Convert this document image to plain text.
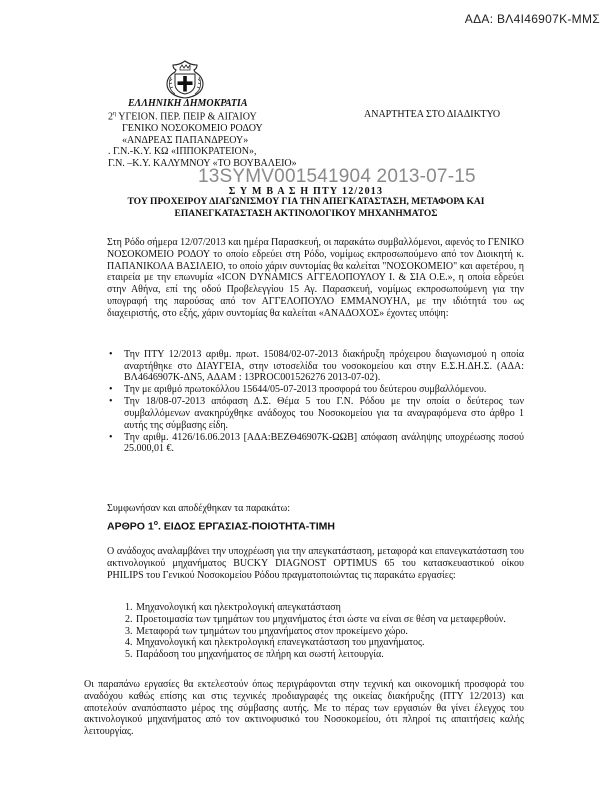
ΑΔΑ: ΒΛ4Ι46907Κ-ΜΜΣ
ΕΛΛΗΝΙΚΗ ΔΗΜΟΚΡΑΤΙΑ
$2^\eta$ ΥΓΕΙΟΝ. ΠΕΡ. ΠΕΙΡ & ΑΙΓΑΙΟΥ
ΓΕΝΙΚΟ ΝΟΣΟΚΟΜΕΙΟ ΡΟΔΟΥ
«ΑΝΔΡΕΑΣ ΠΑΠΑΝΔΡΕΟΥ»
. Γ.Ν.-Κ.Υ. ΚΩ «ΙΠΠΟΚΡΑΤΕΙΟΝ»,
Γ.Ν. –Κ.Υ. ΚΑΛΥΜΝΟΥ «ΤΟ ΒΟΥΒΑΛΕΙΟ»
ΑΝΑΡΤΗΤΕΑ ΣΤΟ ΔΙΑΔΙΚΤΥΟ
13SYMV001541904 2013-07-15
Σ Υ Μ Β Α Σ Η ΠΤΥ 12/2013
ΤΟΥ ΠΡΟΧΕΙΡΟΥ ΔΙΑΓΩΝΙΣΜΟΥ ΓΙΑ ΤΗΝ ΑΠΕΓΚΑΤΑΣΤΑΣΗ, ΜΕΤΑΦΟΡΑ ΚΑΙ
ΕΠΑΝΕΓΚΑΤΑΣΤΑΣΗ ΑΚΤΙΝΟΛΟΓΙΚΟΥ ΜΗΧΑΝΗΜΑΤΟΣ
Στη Ρόδο σήμερα 12/07/2013 και ημέρα Παρασκευή, οι παρακάτω συμβαλλόμενοι, αφενός το ΓΕΝΙΚΟ ΝΟΣΟΚΟΜΕΙΟ ΡΟΔΟΥ το οποίο εδρεύει στη Ρόδο, νομίμως εκπροσωπούμενο από τον Διοικητή κ. ΠΑΠΑΝΙΚΟΛΑ ΒΑΣΙΛΕΙΟ, το οποίο χάριν συντομίας θα καλείται "ΝΟΣΟΚΟΜΕΙΟ" και αφετέρου, η εταιρεία με την επωνυμία «ICON DYNAMICS ΑΓΓΕΛΟΠΟΥΛΟΥ Ι. & ΣΙΑ Ο.Ε.», η οποία εδρεύει στην Αθήνα, επί της οδού Προβελεγγίου 15 Αγ. Παρασκευή, νομίμως εκπροσωπούμενη για την υπογραφή της παρούσας από τον ΑΓΓΕΛΟΠΟΥΛΟ ΕΜΜΑΝΟΥΗΛ, με την ιδιότητά του ως διαχειριστής, στο εξής, χάριν συντομίας θα καλείται «ΑΝΑΔΟΧΟΣ» έχοντες υπόψη:
• Την ΠΤΥ 12/2013 αριθμ. πρωτ. 15084/02-07-2013 διακήρυξη πρόχειρου διαγωνισμού η οποία αναρτήθηκε στο ΔΙΑΥΓΕΙΑ, στην ιστοσελίδα του νοσοκομείου και στην Ε.Σ.Η.ΔΗ.Σ. (ΑΔΑ: ΒΛ4646907Κ-ΔΝ5, ΑΔΑΜ : 13PROC001526276 2013-07-02).
• Την με αριθμό πρωτοκόλλου 15644/05-07-2013 προσφορά του δεύτερου συμβαλλόμενου.
• Την 18/08-07-2013 απόφαση Δ.Σ. Θέμα 5 του Γ.Ν. Ρόδου με την οποία ο δεύτερος των συμβαλλόμενων ανακηρύχθηκε ανάδοχος του Νοσοκομείου για τα αναγραφόμενα στο άρθρο 1 αυτής της σύμβασης είδη.
• Την αριθμ. 4126/16.06.2013 [ΑΔΑ:ΒΕΖΘ46907Κ-ΩΩΒ] απόφαση ανάληψης υποχρέωσης ποσού 25.000,01 €.
Συμφωνήσαν και αποδέχθηκαν τα παρακάτω:
ΑΡΘΡΟ $1^o$. ΕΙΔΟΣ ΕΡΓΑΣΙΑΣ-ΠΟΙΟΤΗΤΑ-ΤΙΜΗ
Ο ανάδοχος αναλαμβάνει την υποχρέωση για την απεγκατάσταση, μεταφορά και επανεγκατάσταση του ακτινολογικού μηχανήματος BUCKY DIAGNOST OPTIMUS 65 του κατασκευαστικού οίκου PHILIPS του Γενικού Νοσοκομείου Ρόδου πραγματοποιώντας τις παρακάτω εργασίες:
1. Μηχανολογική και ηλεκτρολογική απεγκατάσταση
2. Προετοιμασία των τμημάτων του μηχανήματος έτσι ώστε να είναι σε θέση να μεταφερθούν.
3. Μεταφορά των τμημάτων του μηχανήματος στον προκείμενο χώρο.
4. Μηχανολογική και ηλεκτρολογική επανεγκατάσταση του μηχανήματος.
5. Παράδοση του μηχανήματος σε πλήρη και σωστή λειτουργία.
Οι παραπάνω εργασίες θα εκτελεστούν όπως περιγράφονται στην τεχνική και οικονομική προσφορά του αναδόχου καθώς επίσης και στις τεχνικές προδιαγραφές της οικείας διακήρυξης (ΠΤΥ 12/2013) και αποτελούν αναπόσπαστο μέρος της σύμβασης αυτής. Με το πέρας των εργασιών θα γίνει έλεγχος του ακτινολογικού μηχανήματος από τον ακτινοφυσικό του Νοσοκομείου, ότι πληροί τις απαιτήσεις καλής λειτουργίας.
